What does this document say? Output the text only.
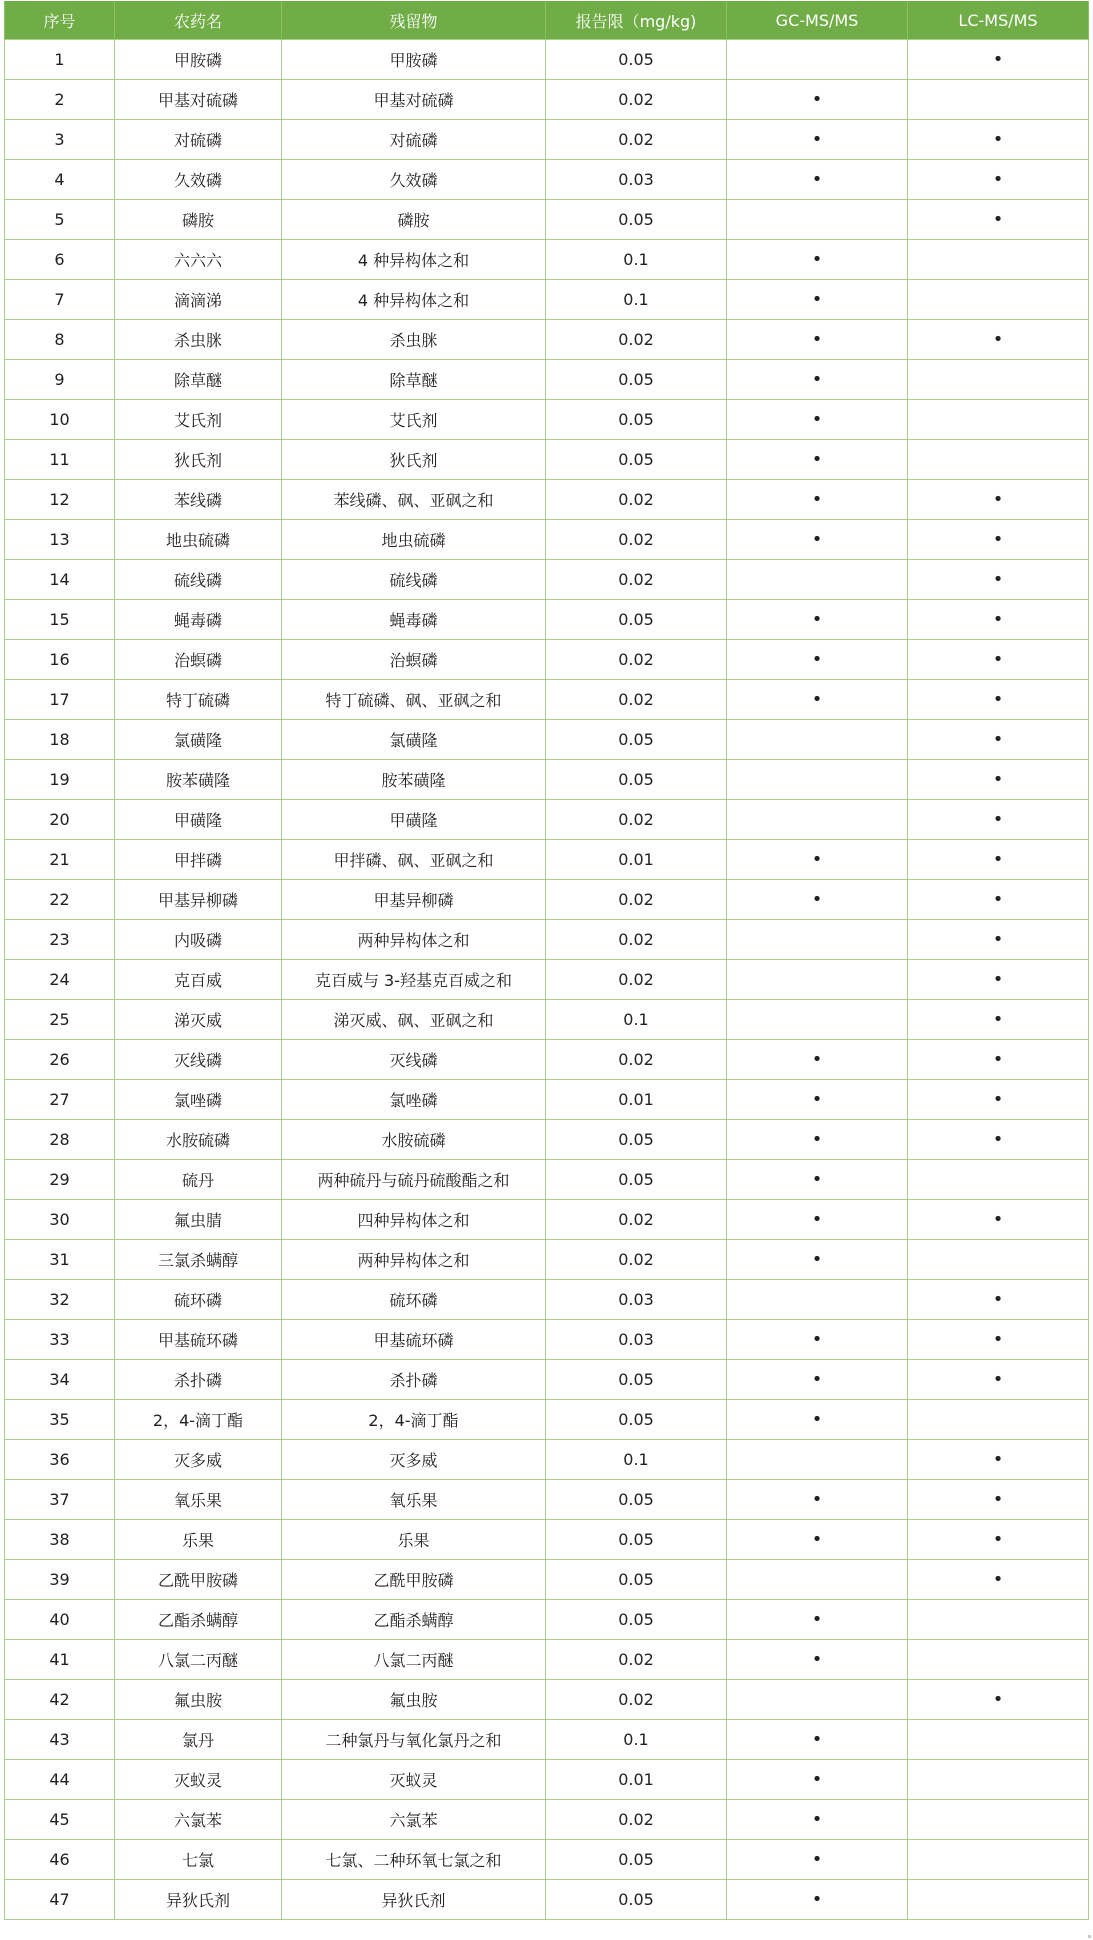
序号	农药名	残留物	报告限（mg/kg)	GC-MS/MS	LC-MS/MS
1	甲胺磷	甲胺磷	0.05		•
2	甲基对硫磷	甲基对硫磷	0.02	•	
3	对硫磷	对硫磷	0.02	•	•
4	久效磷	久效磷	0.03	•	•
5	磷胺	磷胺	0.05		•
6	六六六	4 种异构体之和	0.1	•	
7	滴滴涕	4 种异构体之和	0.1	•	
8	杀虫脒	杀虫脒	0.02	•	•
9	除草醚	除草醚	0.05	•	
10	艾氏剂	艾氏剂	0.05	•	
11	狄氏剂	狄氏剂	0.05	•	
12	苯线磷	苯线磷、砜、亚砜之和	0.02	•	•
13	地虫硫磷	地虫硫磷	0.02	•	•
14	硫线磷	硫线磷	0.02		•
15	蝇毒磷	蝇毒磷	0.05	•	•
16	治螟磷	治螟磷	0.02	•	•
17	特丁硫磷	特丁硫磷、砜、亚砜之和	0.02	•	•
18	氯磺隆	氯磺隆	0.05		•
19	胺苯磺隆	胺苯磺隆	0.05		•
20	甲磺隆	甲磺隆	0.02		•
21	甲拌磷	甲拌磷、砜、亚砜之和	0.01	•	•
22	甲基异柳磷	甲基异柳磷	0.02	•	•
23	内吸磷	两种异构体之和	0.02		•
24	克百威	克百威与 3-羟基克百威之和	0.02		•
25	涕灭威	涕灭威、砜、亚砜之和	0.1		•
26	灭线磷	灭线磷	0.02	•	•
27	氯唑磷	氯唑磷	0.01	•	•
28	水胺硫磷	水胺硫磷	0.05	•	•
29	硫丹	两种硫丹与硫丹硫酸酯之和	0.05	•	
30	氟虫腈	四种异构体之和	0.02	•	•
31	三氯杀螨醇	两种异构体之和	0.02	•	
32	硫环磷	硫环磷	0.03		•
33	甲基硫环磷	甲基硫环磷	0.03	•	•
34	杀扑磷	杀扑磷	0.05	•	•
35	2，4-滴丁酯	2，4-滴丁酯	0.05	•	
36	灭多威	灭多威	0.1		•
37	氧乐果	氧乐果	0.05	•	•
38	乐果	乐果	0.05	•	•
39	乙酰甲胺磷	乙酰甲胺磷	0.05		•
40	乙酯杀螨醇	乙酯杀螨醇	0.05	•	
41	八氯二丙醚	八氯二丙醚	0.02	•	
42	氟虫胺	氟虫胺	0.02		•
43	氯丹	二种氯丹与氧化氯丹之和	0.1	•	
44	灭蚁灵	灭蚁灵	0.01	•	
45	六氯苯	六氯苯	0.02	•	
46	七氯	七氯、二种环氧七氯之和	0.05	•	
47	异狄氏剂	异狄氏剂	0.05	•	
